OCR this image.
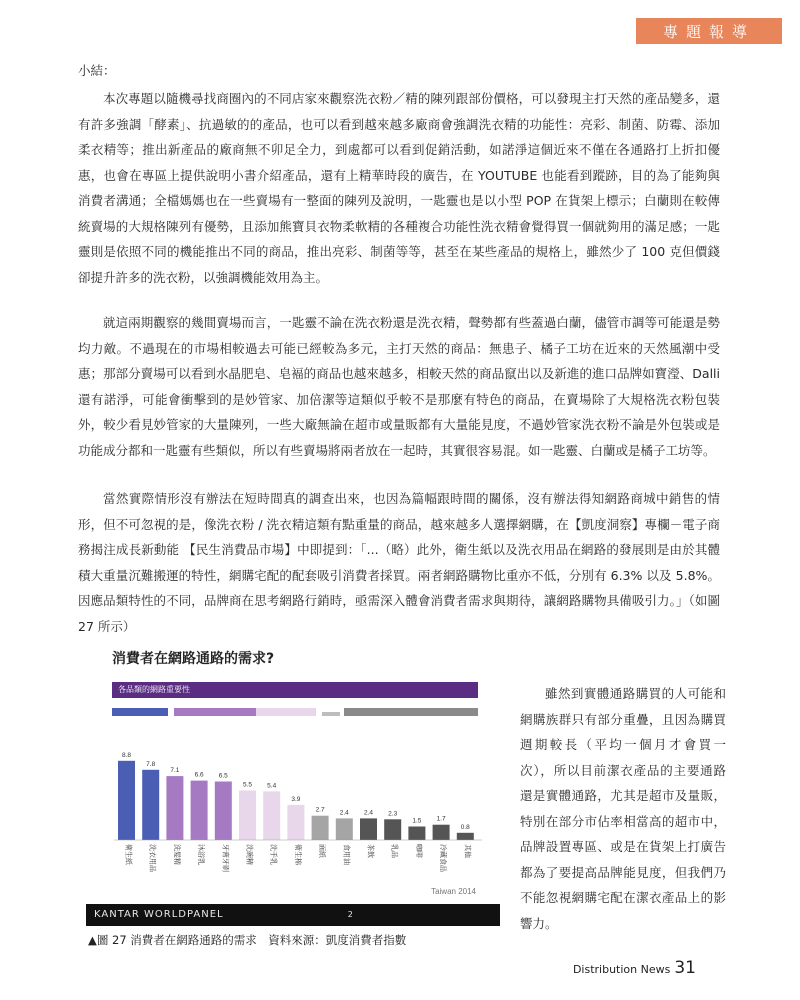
專題報導
小結：

本次專題以隨機尋找商圈內的不同店家來觀察洗衣粉／精的陳列跟部份價格，可以發現主打天然的產品變多，還有許多強調「酵素」、抗過敏的的產品，也可以看到越來越多廠商會強調洗衣精的功能性：亮彩、制菌、防霉、添加柔衣精等；推出新產品的廠商無不卯足全力，到處都可以看到促銷活動，如諾淨這個近來不僅在各通路打上折扣優惠，也會在專區上提供說明小書介紹產品，還有上精華時段的廣告，在 YOUTUBE 也能看到蹤跡，目的為了能夠與消費者溝通；全檔媽媽也在一些賣場有一整面的陳列及說明，一匙靈也是以小型 POP 在貨架上標示；白蘭則在較傳統賣場的大規格陳列有優勢，且添加熊寶貝衣物柔軟精的各種複合功能性洗衣精會覺得買一個就夠用的滿足感；一匙靈則是依照不同的機能推出不同的商品，推出亮彩、制菌等等，甚至在某些產品的規格上，雖然少了 100 克但價錢卻提升許多的洗衣粉，以強調機能效用為主。

就這兩期觀察的幾間賣場而言，一匙靈不論在洗衣粉還是洗衣精，聲勢都有些蓋過白蘭，儘管市調等可能還是勢均力敵。不過現在的市場相較過去可能已經較為多元，主打天然的商品：無患子、橘子工坊在近來的天然風潮中受惠；那部分賣場可以看到水晶肥皂、皂褔的商品也越來越多，相較天然的商品竄出以及新進的進口品牌如寶瀅、Dalli 還有諾淨，可能會衝擊到的是妙管家、加倍潔等這類似乎較不是那麼有特色的商品，在賣場除了大規格洗衣粉包裝外，較少看見妙管家的大量陳列，一些大廠無論在超市或量販都有大量能見度，不過妙管家洗衣粉不論是外包裝或是功能成分都和一匙靈有些類似，所以有些賣場將兩者放在一起時，其實很容易混。如一匙靈、白蘭或是橘子工坊等。

當然實際情形沒有辦法在短時間真的調查出來，也因為篇幅跟時間的關係，沒有辦法得知網路商城中銷售的情形，但不可忽視的是，像洗衣粉 / 洗衣精這類有點重量的商品，越來越多人選擇網購，在【凱度洞察】專欄－電子商務揭注成長新動能 【民生消費品市場】中即提到：「...（略）此外，衛生紙以及洗衣用品在網路的發展則是由於其體積大重量沉難搬運的特性，網購宅配的配套吸引消費者採買。兩者網路購物比重亦不低，分別有 6.3% 以及 5.8%。因應品類特性的不同，品牌商在思考網路行銷時，亟需深入體會消費者需求與期待，讓網路購物具備吸引力。」（如圖 27 所示）

消費者在網路通路的需求?
各品類的網路重要性
8.8
衛生紙
7.8
洗衣用品
7.1
洗髮精
6.6
沐浴乳
6.5
牙膏牙刷
5.5
洗碗精
5.4
洗手乳
3.9
衛生棉
2.7
面紙
2.4
食用油
2.4
茶飲
2.3
乳品
1.5
咖啡
1.7
冷藏食品
0.8
其他
Taiwan 2014
KANTAR WORLDPANEL	2
▲圖 27 消費者在網路通路的需求　資料來源：凱度消費者指數

雖然到實體通路購買的人可能和網購族群只有部分重疊，且因為購買週期較長（平均一個月才會買一次），所以目前潔衣產品的主要通路還是實體通路，尤其是超市及量販，特別在部分市佔率相當高的超市中，品牌設置專區、或是在貨架上打廣告都為了要提高品牌能見度，但我們乃不能忽視網購宅配在潔衣產品上的影響力。

Distribution News 31
